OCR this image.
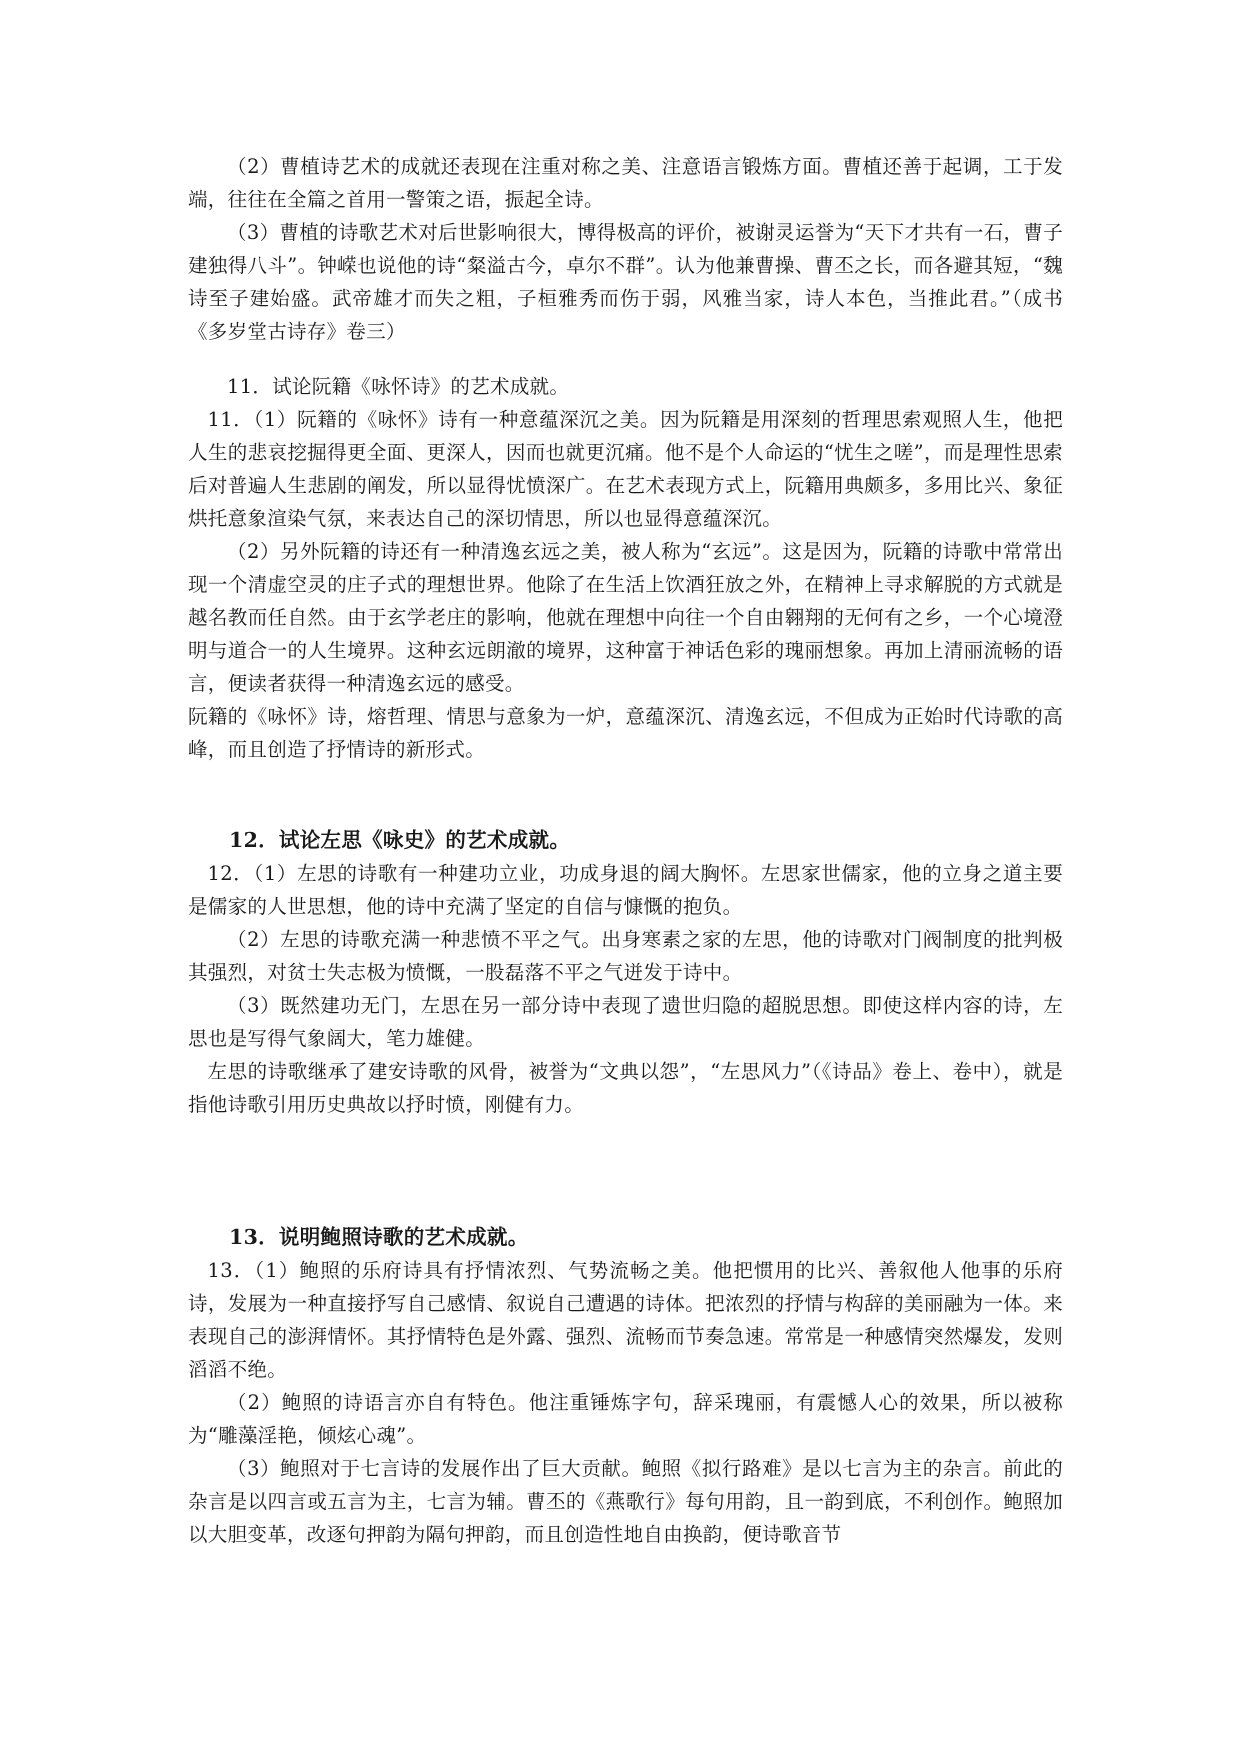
（2）曹植诗艺术的成就还表现在注重对称之美、注意语言锻炼方面。曹植还善于起调，工于发端，往往在全篇之首用一警策之语，振起全诗。

（3）曹植的诗歌艺术对后世影响很大，博得极高的评价，被谢灵运誉为“天下才共有一石，曹子建独得八斗”。钟嵘也说他的诗“粲溢古今，卓尔不群”。认为他兼曹操、曹丕之长，而各避其短，“魏诗至子建始盛。武帝雄才而失之粗，子桓雅秀而伤于弱，风雅当家，诗人本色，当推此君。”（成书《多岁堂古诗存》卷三）

11．试论阮籍《咏怀诗》的艺术成就。

11．（1）阮籍的《咏怀》诗有一种意蕴深沉之美。因为阮籍是用深刻的哲理思索观照人生，他把人生的悲哀挖掘得更全面、更深人，因而也就更沉痛。他不是个人命运的“忧生之嗟”，而是理性思索后对普遍人生悲剧的阐发，所以显得忧愤深广。在艺术表现方式上，阮籍用典颇多，多用比兴、象征烘托意象渲染气氛，来表达自己的深切情思，所以也显得意蕴深沉。

（2）另外阮籍的诗还有一种清逸玄远之美，被人称为“玄远”。这是因为，阮籍的诗歌中常常出现一个清虚空灵的庄子式的理想世界。他除了在生活上饮酒狂放之外，在精神上寻求解脱的方式就是越名教而任自然。由于玄学老庄的影响，他就在理想中向往一个自由翱翔的无何有之乡，一个心境澄明与道合一的人生境界。这种玄远朗澈的境界，这种富于神话色彩的瑰丽想象。再加上清丽流畅的语言，便读者获得一种清逸玄远的感受。

阮籍的《咏怀》诗，熔哲理、情思与意象为一炉，意蕴深沉、清逸玄远，不但成为正始时代诗歌的高峰，而且创造了抒情诗的新形式。

12．试论左思《咏史》的艺术成就。

12．（1）左思的诗歌有一种建功立业，功成身退的阔大胸怀。左思家世儒家，他的立身之道主要是儒家的人世思想，他的诗中充满了坚定的自信与慷慨的抱负。

（2）左思的诗歌充满一种悲愤不平之气。出身寒素之家的左思，他的诗歌对门阀制度的批判极其强烈，对贫士失志极为愤慨，一股磊落不平之气迸发于诗中。

（3）既然建功无门，左思在另一部分诗中表现了遗世归隐的超脱思想。即使这样内容的诗，左思也是写得气象阔大，笔力雄健。

左思的诗歌继承了建安诗歌的风骨，被誉为“文典以怨”，“左思风力”（《诗品》卷上、卷中），就是指他诗歌引用历史典故以抒时愤，刚健有力。

13．说明鲍照诗歌的艺术成就。

13．（1）鲍照的乐府诗具有抒情浓烈、气势流畅之美。他把惯用的比兴、善叙他人他事的乐府诗，发展为一种直接抒写自己感情、叙说自己遭遇的诗体。把浓烈的抒情与构辞的美丽融为一体。来表现自己的澎湃情怀。其抒情特色是外露、强烈、流畅而节奏急速。常常是一种感情突然爆发，发则滔滔不绝。

（2）鲍照的诗语言亦自有特色。他注重锤炼字句，辞采瑰丽，有震憾人心的效果，所以被称为“雕藻淫艳，倾炫心魂”。

（3）鲍照对于七言诗的发展作出了巨大贡献。鲍照《拟行路难》是以七言为主的杂言。前此的杂言是以四言或五言为主，七言为辅。曹丕的《燕歌行》每句用韵，且一韵到底，不利创作。鲍照加以大胆变革，改逐句押韵为隔句押韵，而且创造性地自由换韵，便诗歌音节
